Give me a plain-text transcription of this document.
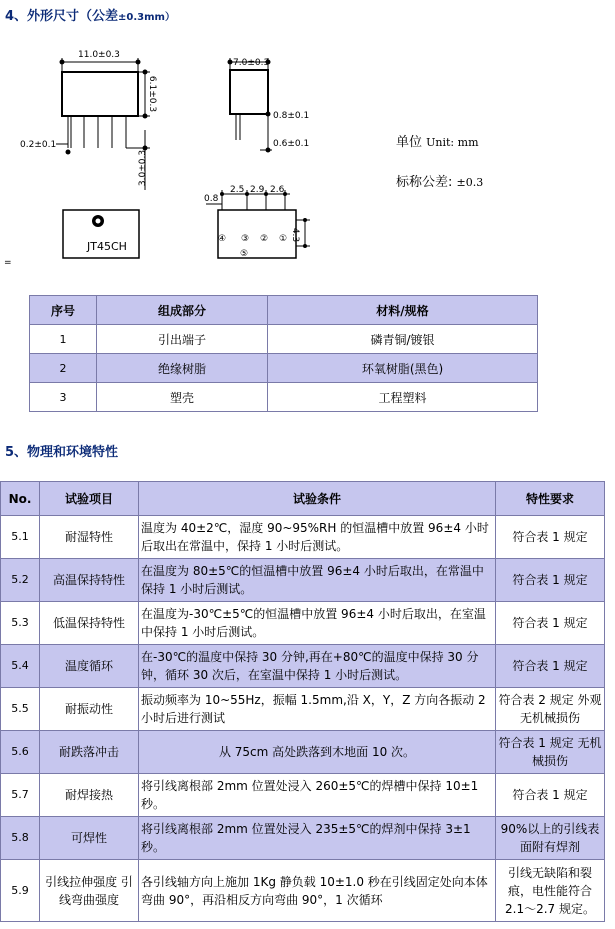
4、外形尺寸（公差±0.3mm）
11.0±0.3
6.1±0.3
0.2±0.1
3.0±0.3
7.0±0.3
0.8±0.1
0.6±0.1
JT45CH
2.5 2.9 2.6
0.8
4.3
④ ③ ② ①
⑤
=
单位 Unit: mm
标称公差: ±0.3
序号	组成部分	材料/规格
1	引出端子	磷青铜/镀银
2	绝缘树脂	环氧树脂(黑色)
3	塑壳	工程塑料
5、物理和环境特性
No.	试验项目	试验条件	特性要求
5.1	耐湿特性	温度为 40±2℃，湿度 90~95%RH 的恒温槽中放置 96±4 小时后取出在常温中，保持 1 小时后测试。	符合表 1 规定
5.2	高温保持特性	在温度为 80±5℃的恒温槽中放置 96±4 小时后取出，在常温中保持 1 小时后测试。	符合表 1 规定
5.3	低温保持特性	在温度为-30℃±5℃的恒温槽中放置 96±4 小时后取出，在室温中保持 1 小时后测试。	符合表 1 规定
5.4	温度循环	在-30℃的温度中保持 30 分钟,再在+80℃的温度中保持 30 分钟，循环 30 次后，在室温中保持 1 小时后测试。	符合表 1 规定
5.5	耐振动性	振动频率为 10~55Hz，振幅 1.5mm,沿 X，Y，Z 方向各振动 2 小时后进行测试	符合表 2 规定 外观无机械损伤
5.6	耐跌落冲击	从 75cm 高处跌落到木地面 10 次。	符合表 1 规定 无机械损伤
5.7	耐焊接热	将引线离根部 2mm 位置处浸入 260±5℃的焊槽中保持 10±1 秒。	符合表 1 规定
5.8	可焊性	将引线离根部 2mm 位置处浸入 235±5℃的焊剂中保持 3±1 秒。	90%以上的引线表面附有焊剂
5.9	引线拉伸强度 引线弯曲强度	各引线轴方向上施加 1Kg 静负载 10±1.0 秒在引线固定处向本体弯曲 90°，再沿相反方向弯曲 90°，1 次循环	引线无缺陷和裂痕，电性能符合 2.1～2.7 规定。
